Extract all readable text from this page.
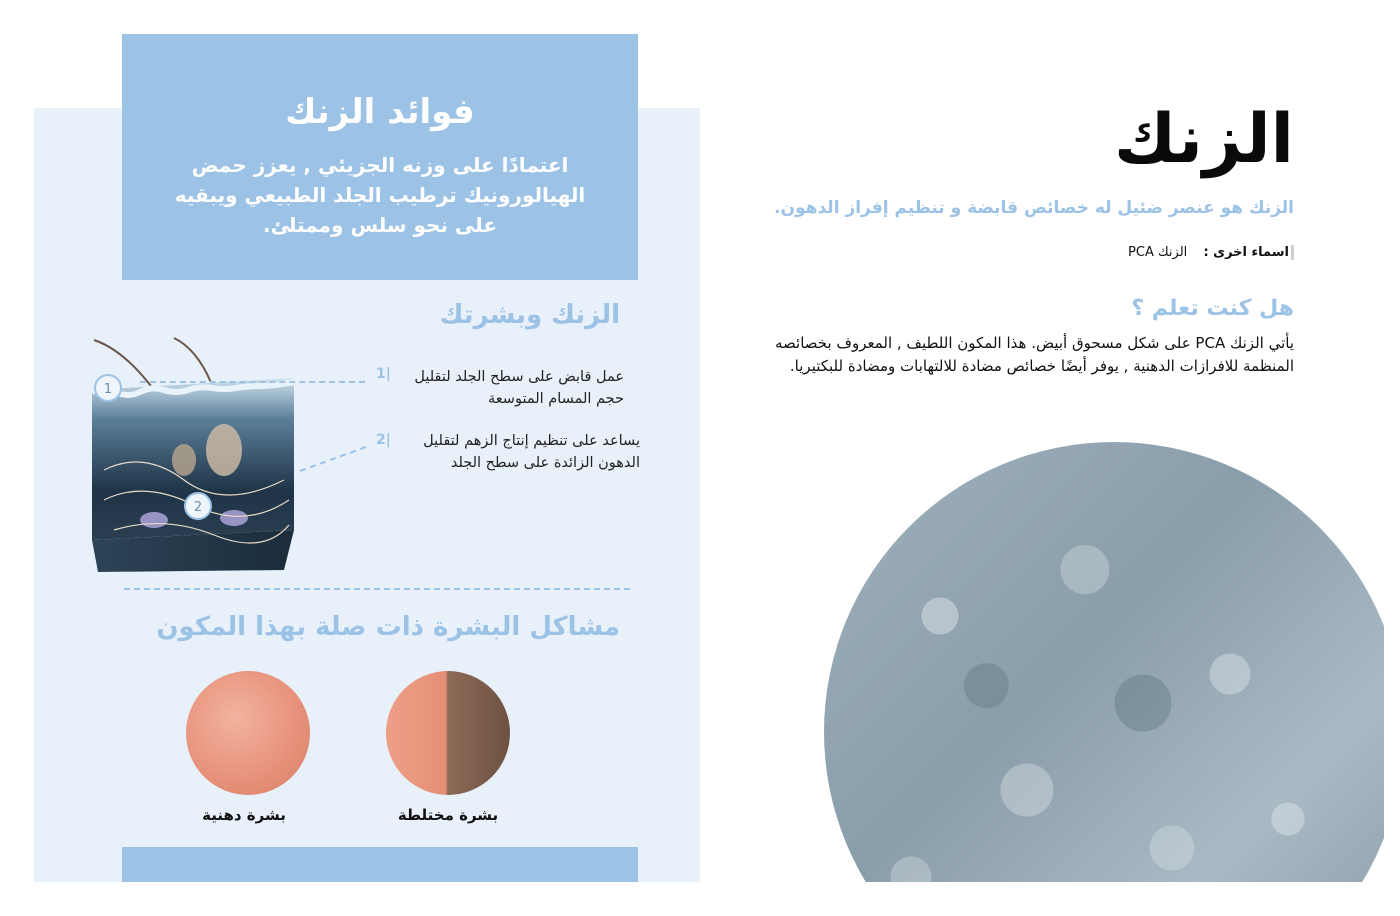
فوائد الزنك

اعتمادًا على وزنه الجزيئي , يعزز حمض الهيالورونيك ترطيب الجلد الطبيعي ويبقيه على نحو سلس وممتلئ.

الزنك وبشرتك
1
2
1|	عمل قابض على سطح الجلد لتقليل حجم المسام المتوسعة
2|	يساعد على تنظيم إنتاج الزهم لتقليل الدهون الزائدة على سطح الجلد
مشاكل البشرة ذات صلة بهذا المكون
بشرة مختلطة
بشرة دهنية
الزنك
الزنك هو عنصر ضئيل له خصائص قابضة و تنظيم إفراز الدهون.
اسماء اخرى : الزنك PCA
هل كنت تعلم ؟
يأتي الزنك PCA على شكل مسحوق أبيض. هذا المكون اللطيف , المعروف بخصائصه المنظمة للافرازات الدهنية , يوفر أيضًا خصائص مضادة للالتهابات ومضادة للبكتيريا.
